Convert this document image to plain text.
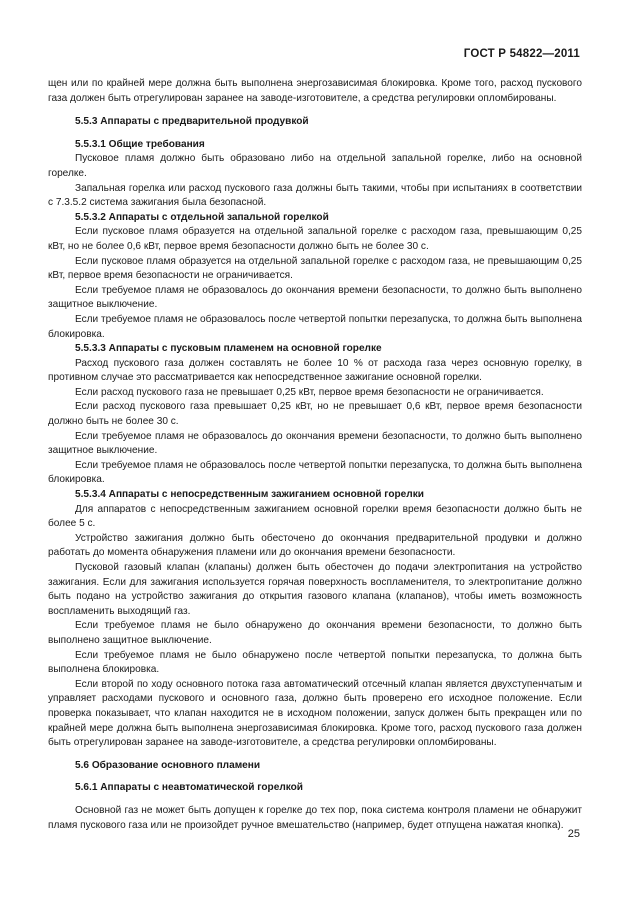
ГОСТ Р 54822—2011

щен или по крайней мере должна быть выполнена энергозависимая блокировка. Кроме того, расход пускового газа должен быть отрегулирован заранее на заводе-изготовителе, а средства регулировки опломбированы.

5.5.3 Аппараты с предварительной продувкой
5.5.3.1 Общие требования

Пусковое пламя должно быть образовано либо на отдельной запальной горелке, либо на основной горелке.

Запальная горелка или расход пускового газа должны быть такими, чтобы при испытаниях в соответствии с 7.3.5.2 система зажигания была безопасной.

5.5.3.2 Аппараты с отдельной запальной горелкой

Если пусковое пламя образуется на отдельной запальной горелке с расходом газа, превышающим 0,25 кВт, но не более 0,6 кВт, первое время безопасности должно быть не более 30 с.

Если пусковое пламя образуется на отдельной запальной горелке с расходом газа, не превышающим 0,25 кВт, первое время безопасности не ограничивается.

Если требуемое пламя не образовалось до окончания времени безопасности, то должно быть выполнено защитное выключение.

Если требуемое пламя не образовалось после четвертой попытки перезапуска, то должна быть выполнена блокировка.

5.5.3.3 Аппараты с пусковым пламенем на основной горелке

Расход пускового газа должен составлять не более 10 % от расхода газа через основную горелку, в противном случае это рассматривается как непосредственное зажигание основной горелки.

Если расход пускового газа не превышает 0,25 кВт, первое время безопасности не ограничивается.

Если расход пускового газа превышает 0,25 кВт, но не превышает 0,6 кВт, первое время безопасности должно быть не более 30 с.

Если требуемое пламя не образовалось до окончания времени безопасности, то должно быть выполнено защитное выключение.

Если требуемое пламя не образовалось после четвертой попытки перезапуска, то должна быть выполнена блокировка.

5.5.3.4 Аппараты с непосредственным зажиганием основной горелки

Для аппаратов с непосредственным зажиганием основной горелки время безопасности должно быть не более 5 с.

Устройство зажигания должно быть обесточено до окончания предварительной продувки и должно работать до момента обнаружения пламени или до окончания времени безопасности.

Пусковой газовый клапан (клапаны) должен быть обесточен до подачи электропитания на устройство зажигания. Если для зажигания используется горячая поверхность воспламенителя, то электропитание должно быть подано на устройство зажигания до открытия газового клапана (клапанов), чтобы иметь возможность воспламенить выходящий газ.

Если требуемое пламя не было обнаружено до окончания времени безопасности, то должно быть выполнено защитное выключение.

Если требуемое пламя не было обнаружено после четвертой попытки перезапуска, то должна быть выполнена блокировка.

Если второй по ходу основного потока газа автоматический отсечный клапан является двухступенчатым и управляет расходами пускового и основного газа, должно быть проверено его исходное положение. Если проверка показывает, что клапан находится не в исходном положении, запуск должен быть прекращен или по крайней мере должна быть выполнена энергозависимая блокировка. Кроме того, расход пускового газа должен быть отрегулирован заранее на заводе-изготовителе, а средства регулировки опломбированы.

5.6 Образование основного пламени
5.6.1 Аппараты с неавтоматической горелкой

Основной газ не может быть допущен к горелке до тех пор, пока система контроля пламени не обнаружит пламя пускового газа или не произойдет ручное вмешательство (например, будет отпущена нажатая кнопка).

25
